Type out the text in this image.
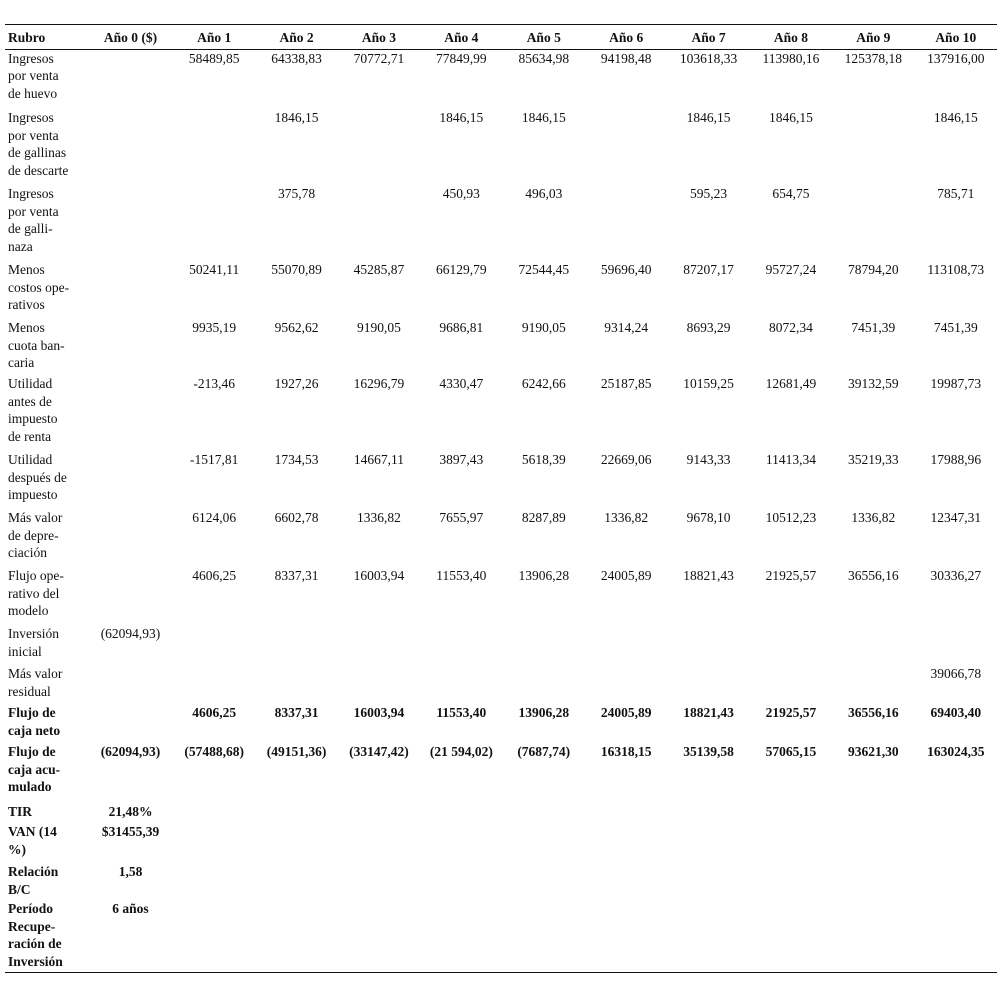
Rubro	Año 0 ($)	Año 1	Año 2	Año 3	Año 4	Año 5	Año 6	Año 7	Año 8	Año 9	Año 10
Ingresos
por venta
de huevo		58489,85	64338,83	70772,71	77849,99	85634,98	94198,48	103618,33	113980,16	125378,18	137916,00
Ingresos
por venta
de gallinas
de descarte			1846,15		1846,15	1846,15		1846,15	1846,15		1846,15
Ingresos
por venta
de galli-
naza			375,78		450,93	496,03		595,23	654,75		785,71
Menos
costos ope-
rativos		50241,11	55070,89	45285,87	66129,79	72544,45	59696,40	87207,17	95727,24	78794,20	113108,73
Menos
cuota ban-
caria		9935,19	9562,62	9190,05	9686,81	9190,05	9314,24	8693,29	8072,34	7451,39	7451,39
Utilidad
antes de
impuesto
de renta		-213,46	1927,26	16296,79	4330,47	6242,66	25187,85	10159,25	12681,49	39132,59	19987,73
Utilidad
después de
impuesto		-1517,81	1734,53	14667,11	3897,43	5618,39	22669,06	9143,33	11413,34	35219,33	17988,96
Más valor
de depre-
ciación		6124,06	6602,78	1336,82	7655,97	8287,89	1336,82	9678,10	10512,23	1336,82	12347,31
Flujo ope-
rativo del
modelo		4606,25	8337,31	16003,94	11553,40	13906,28	24005,89	18821,43	21925,57	36556,16	30336,27
Inversión
inicial	(62094,93)										
Más valor
residual											39066,78
Flujo de
caja neto		4606,25	8337,31	16003,94	11553,40	13906,28	24005,89	18821,43	21925,57	36556,16	69403,40
Flujo de
caja acu-
mulado	(62094,93)	(57488,68)	(49151,36)	(33147,42)	(21 594,02)	(7687,74)	16318,15	35139,58	57065,15	93621,30	163024,35
TIR	21,48%										
VAN (14
%)	$31455,39										
Relación
B/C	1,58										
Período
Recupe-
ración de
Inversión	6 años										
